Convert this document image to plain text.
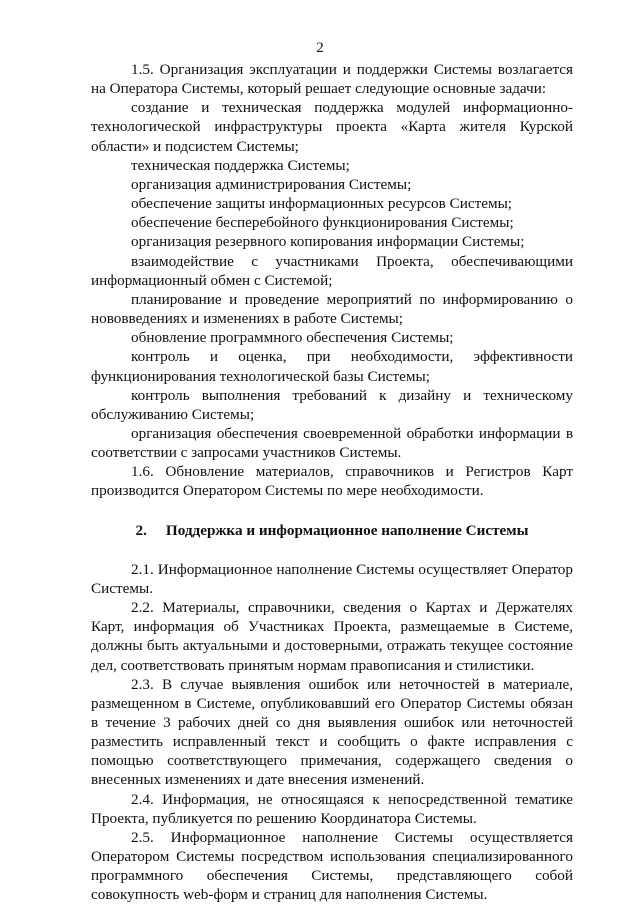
2

1.5. Организация эксплуатации и поддержки Системы возлагается на Оператора Системы, который решает следующие основные задачи:

создание и техническая поддержка модулей информационно-технологической инфраструктуры проекта «Карта жителя Курской области» и подсистем Системы;

техническая поддержка Системы;

организация администрирования Системы;

обеспечение защиты информационных ресурсов Системы;

обеспечение бесперебойного функционирования Системы;

организация резервного копирования информации Системы;

взаимодействие с участниками Проекта, обеспечивающими информационный обмен с Системой;

планирование и проведение мероприятий по информированию о нововведениях и изменениях в работе Системы;

обновление программного обеспечения Системы;

контроль и оценка, при необходимости, эффективности функционирования технологической базы Системы;

контроль выполнения требований к дизайну и техническому обслуживанию Системы;

организация обеспечения своевременной обработки информации в соответствии с запросами участников Системы.

1.6. Обновление материалов, справочников и Регистров Карт производится Оператором Системы по мере необходимости.

2.  Поддержка и информационное наполнение Системы

2.1. Информационное наполнение Системы осуществляет Оператор Системы.

2.2. Материалы, справочники, сведения о Картах и Держателях Карт, информация об Участниках Проекта, размещаемые в Системе, должны быть актуальными и достоверными, отражать текущее состояние дел, соответствовать принятым нормам правописания и стилистики.

2.3. В случае выявления ошибок или неточностей в материале, размещенном в Системе, опубликовавший его Оператор Системы обязан в течение 3 рабочих дней со дня выявления ошибок или неточностей разместить исправленный текст и сообщить о факте исправления с помощью соответствующего примечания, содержащего сведения о внесенных изменениях и дате внесения изменений.

2.4. Информация, не относящаяся к непосредственной тематике Проекта, публикуется по решению Координатора Системы.

2.5. Информационное наполнение Системы осуществляется Оператором Системы посредством использования специализированного программного обеспечения Системы, представляющего собой совокупность web-форм и страниц для наполнения Системы.
